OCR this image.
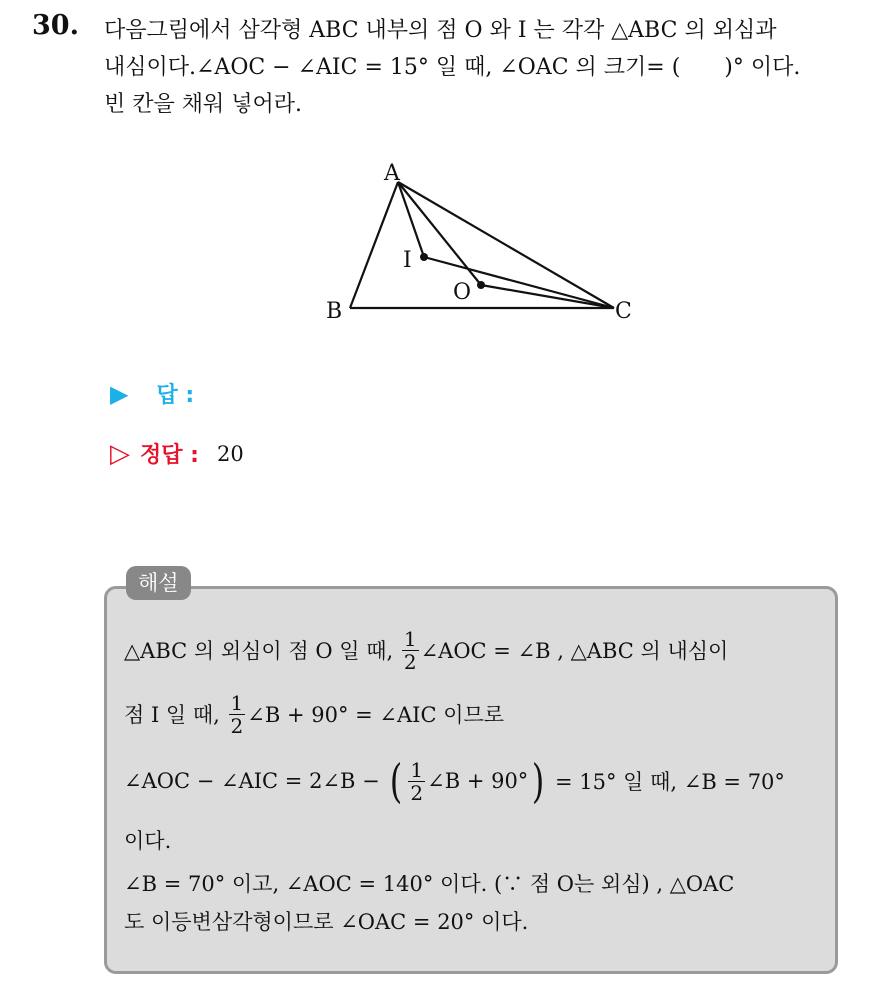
30. 다음그림에서 삼각형 ABC 내부의 점 O 와 I 는 각각 △ABC 의 외심과
내심이다.∠AOC − ∠AIC = 15° 일 때, ∠OAC 의 크기= ( )° 이다.
빈 칸을 채워 넣어라.
A
B	C
I
O
▶ 답 :
▷ 정답 : 20
해설
△ABC 의 외심이 점 O 일 때,
$\frac{1}{2}$ ∠AOC = ∠B , △ABC 의 내심이
점 I 일 때,
$\frac{1}{2}$ ∠B + 90° = ∠AIC 이므로
∠AOC − ∠AIC = 2∠B −
( $\frac{1}{2}$ ∠B + 90° )
= 15° 일 때, ∠B = 70°
이다.
∠B = 70° 이고, ∠AOC = 140° 이다. (∵ 점 O는 외심) , △OAC
도 이등변삼각형이므로 ∠OAC = 20° 이다.
